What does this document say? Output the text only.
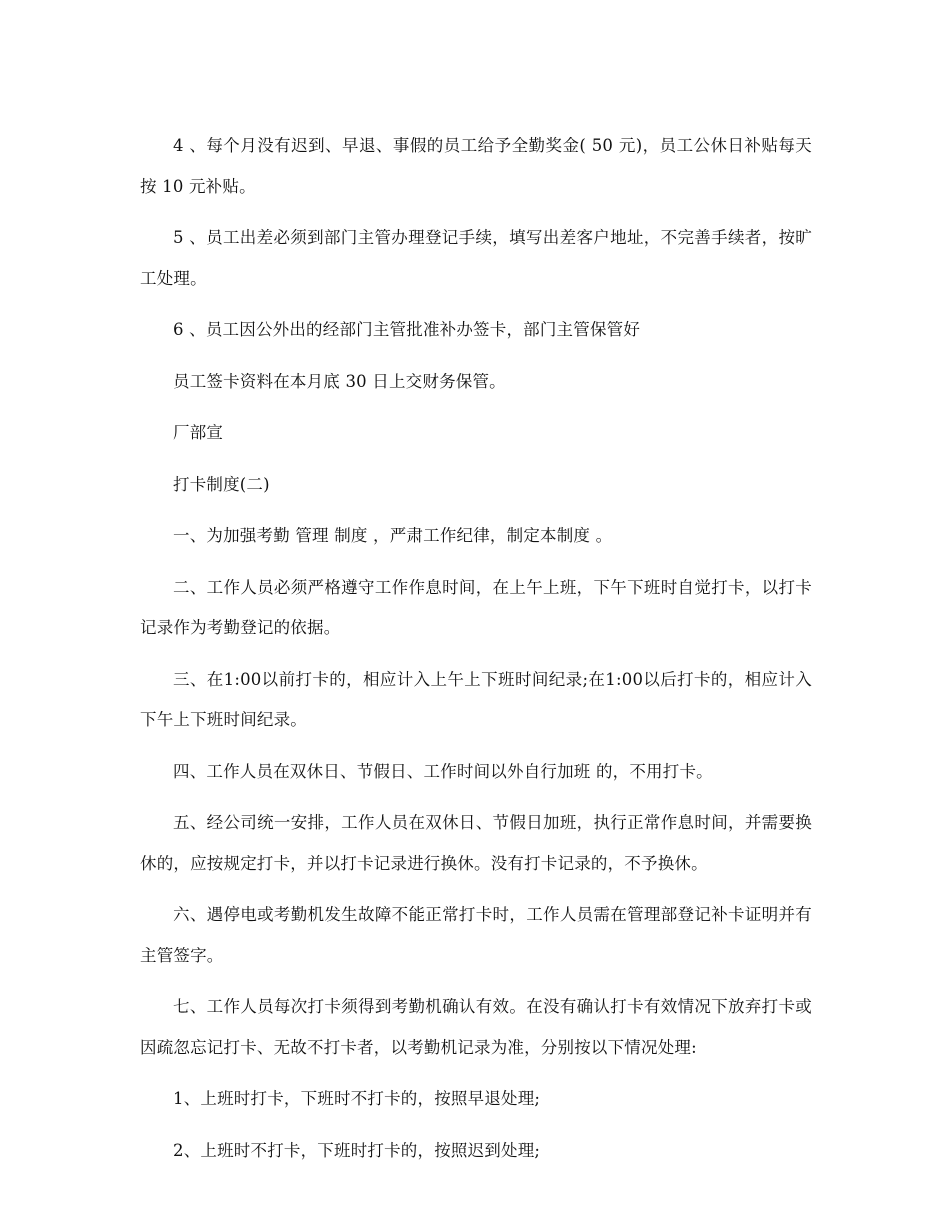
4 、每个月没有迟到、早退、事假的员工给予全勤奖金( 50 元)，员工公休日补贴每天按 10 元补贴。

5 、员工出差必须到部门主管办理登记手续，填写出差客户地址，不完善手续者，按旷工处理。

6 、员工因公外出的经部门主管批准补办签卡，部门主管保管好

员工签卡资料在本月底 30 日上交财务保管。

厂部宣

打卡制度(二)

一、为加强考勤 管理 制度 ，严肃工作纪律，制定本制度 。

二、工作人员必须严格遵守工作作息时间，在上午上班，下午下班时自觉打卡，以打卡记录作为考勤登记的依据。

三、在1:00以前打卡的，相应计入上午上下班时间纪录;在1:00以后打卡的，相应计入下午上下班时间纪录。

四、工作人员在双休日、节假日、工作时间以外自行加班 的，不用打卡。

五、经公司统一安排，工作人员在双休日、节假日加班，执行正常作息时间，并需要换休的，应按规定打卡，并以打卡记录进行换休。没有打卡记录的，不予换休。

六、遇停电或考勤机发生故障不能正常打卡时，工作人员需在管理部登记补卡证明并有主管签字。

七、工作人员每次打卡须得到考勤机确认有效。在没有确认打卡有效情况下放弃打卡或因疏忽忘记打卡、无故不打卡者，以考勤机记录为准，分别按以下情况处理:

1、上班时打卡，下班时不打卡的，按照早退处理;

2、上班时不打卡，下班时打卡的，按照迟到处理;
